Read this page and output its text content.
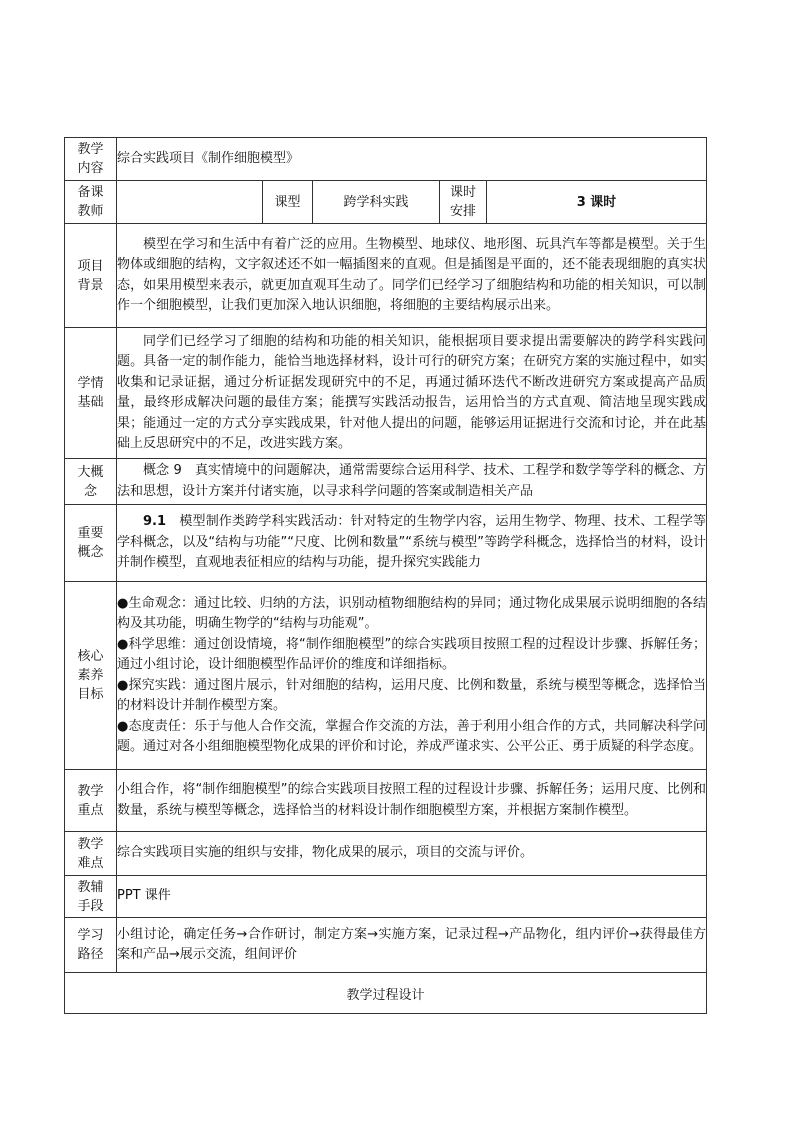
教学内容	综合实践项目《制作细胞模型》				
备课教师		课型	跨学科实践	课时安排	3 课时
项目背景	模型在学习和生活中有着广泛的应用。生物模型、地球仪、地形图、玩具汽车等都是模型。关于生物体或细胞的结构，文字叙述还不如一幅插图来的直观。但是插图是平面的，还不能表现细胞的真实状态，如果用模型来表示，就更加直观耳生动了。同学们已经学习了细胞结构和功能的相关知识，可以制作一个细胞模型，让我们更加深入地认识细胞，将细胞的主要结构展示出来。				
学情基础	同学们已经学习了细胞的结构和功能的相关知识，能根据项目要求提出需要解决的跨学科实践问题。具备一定的制作能力，能恰当地选择材料，设计可行的研究方案；在研究方案的实施过程中，如实收集和记录证据，通过分析证据发现研究中的不足，再通过循环迭代不断改进研究方案或提高产品质量，最终形成解决问题的最佳方案；能撰写实践活动报告，运用恰当的方式直观、简洁地呈现实践成果；能通过一定的方式分享实践成果，针对他人提出的问题，能够运用证据进行交流和讨论，并在此基础上反思研究中的不足，改进实践方案。				
大概念	概念 9　真实情境中的问题解决，通常需要综合运用科学、技术、工程学和数学等学科的概念、方法和思想，设计方案并付诸实施，以寻求科学问题的答案或制造相关产品				
重要概念	9.1　模型制作类跨学科实践活动：针对特定的生物学内容，运用生物学、物理、技术、工程学等学科概念，以及“结构与功能”“尺度、比例和数量”“系统与模型”等跨学科概念，选择恰当的材料，设计并制作模型，直观地表征相应的结构与功能，提升探究实践能力				
核心素养目标	●生命观念：通过比较、归纳的方法，识别动植物细胞结构的异同；通过物化成果展示说明细胞的各结构及其功能，明确生物学的“结构与功能观”。

●科学思维：通过创设情境，将“制作细胞模型”的综合实践项目按照工程的过程设计步骤、拆解任务；通过小组讨论，设计细胞模型作品评价的维度和详细指标。

●探究实践：通过图片展示，针对细胞的结构，运用尺度、比例和数量，系统与模型等概念，选择恰当的材料设计并制作模型方案。

●态度责任：乐于与他人合作交流，掌握合作交流的方法，善于利用小组合作的方式，共同解决科学问题。通过对各小组细胞模型物化成果的评价和讨论，养成严谨求实、公平公正、勇于质疑的科学态度。				

教学重点	小组合作，将“制作细胞模型”的综合实践项目按照工程的过程设计步骤、拆解任务；运用尺度、比例和数量，系统与模型等概念，选择恰当的材料设计制作细胞模型方案，并根据方案制作模型。				
教学难点	综合实践项目实施的组织与安排，物化成果的展示，项目的交流与评价。				
教辅手段	PPT 课件				
学习路径	小组讨论，确定任务→合作研讨，制定方案→实施方案，记录过程→产品物化，组内评价→获得最佳方案和产品→展示交流，组间评价				
教学过程设计					
